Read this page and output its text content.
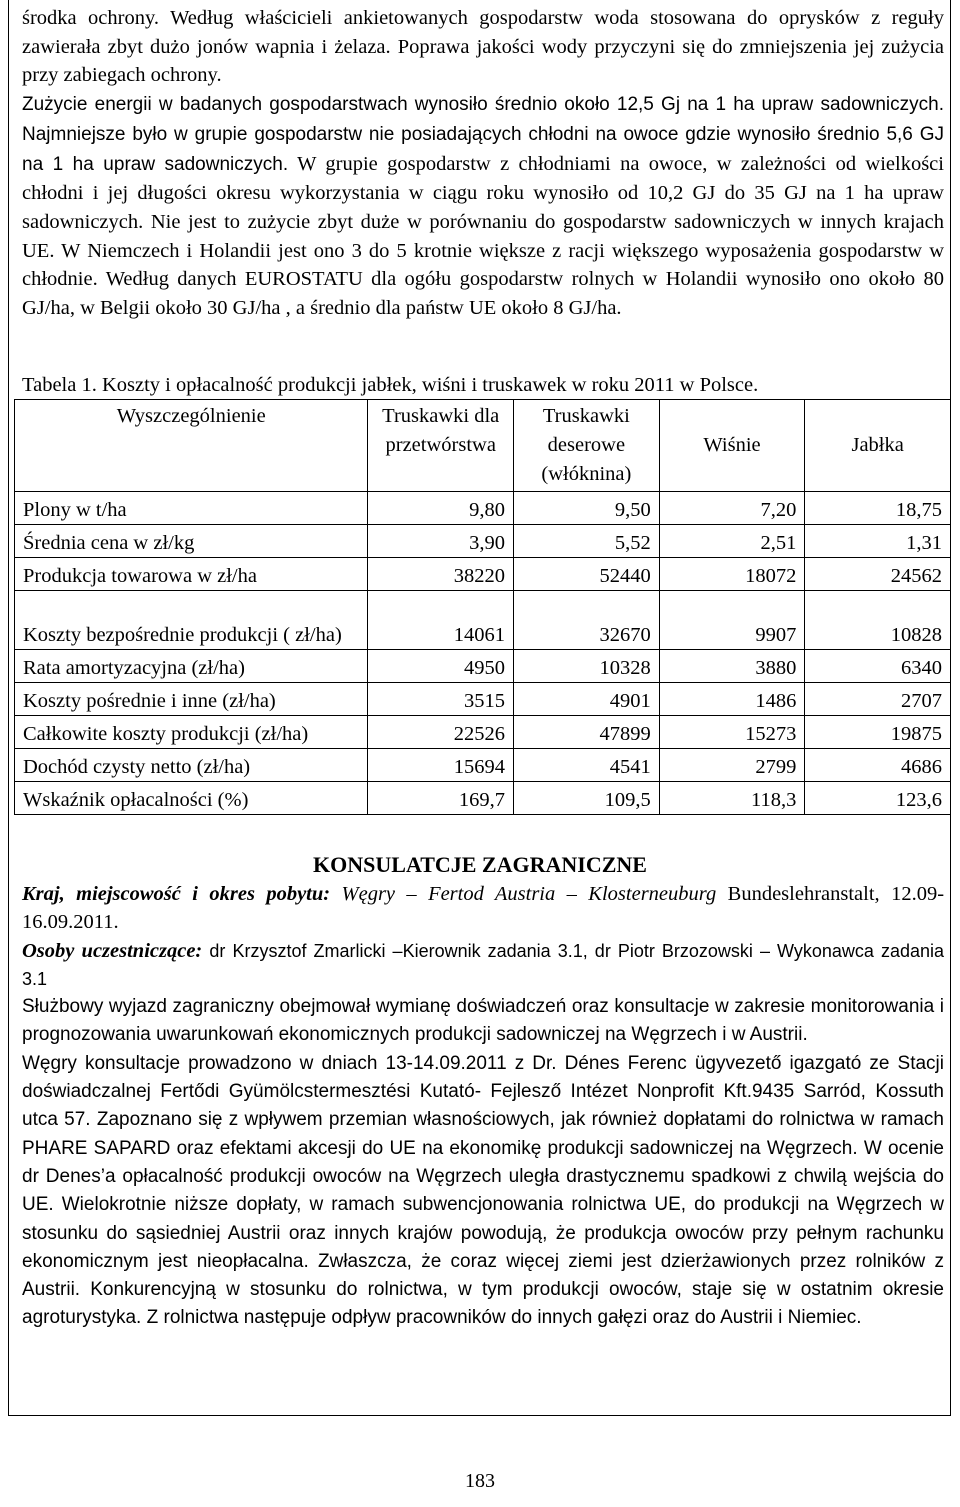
środka ochrony. Według właścicieli ankietowanych gospodarstw woda stosowana do oprysków z reguły zawierała zbyt dużo jonów wapnia i żelaza. Poprawa jakości wody przyczyni się do zmniejszenia jej zużycia przy zabiegach ochrony.

Zużycie energii w badanych gospodarstwach wynosiło średnio około 12,5 Gj na 1 ha upraw sadowniczych. Najmniejsze było w grupie gospodarstw nie posiadających chłodni na owoce gdzie wynosiło średnio 5,6 GJ na 1 ha upraw sadowniczych. W grupie gospodarstw z chłodniami na owoce, w zależności od wielkości chłodni i jej długości okresu wykorzystania w ciągu roku wynosiło od 10,2 GJ do 35 GJ na 1 ha upraw sadowniczych. Nie jest to zużycie zbyt duże w porównaniu do gospodarstw sadowniczych w innych krajach UE. W Niemczech i Holandii jest ono 3 do 5 krotnie większe z racji większego wyposażenia gospodarstw w chłodnie. Według danych EUROSTATU dla ogółu gospodarstw rolnych w Holandii wynosiło ono około 80 GJ/ha, w Belgii około 30 GJ/ha , a średnio dla państw UE około 8 GJ/ha.

Tabela 1. Koszty i opłacalność produkcji jabłek, wiśni i truskawek w roku 2011 w Polsce.
Wyszczególnienie	Truskawki dla przetwórstwa	Truskawki deserowe (włóknina)	Wiśnie	Jabłka
Plony w t/ha	9,80	9,50	7,20	18,75
Średnia cena w zł/kg	3,90	5,52	2,51	1,31
Produkcja towarowa w zł/ha	38220	52440	18072	24562
Koszty bezpośrednie produkcji ( zł/ha)	14061	32670	9907	10828
Rata amortyzacyjna (zł/ha)	4950	10328	3880	6340
Koszty pośrednie i inne (zł/ha)	3515	4901	1486	2707
Całkowite koszty produkcji (zł/ha)	22526	47899	15273	19875
Dochód czysty netto (zł/ha)	15694	4541	2799	4686
Wskaźnik opłacalności (%)	169,7	109,5	118,3	123,6
KONSULATCJE ZAGRANICZNE

Kraj, miejscowość i okres pobytu: Węgry – Fertod Austria – Klosterneuburg Bundeslehranstalt, 12.09-16.09.2011.

Osoby uczestniczące: dr Krzysztof Zmarlicki –Kierownik zadania 3.1, dr Piotr Brzozowski – Wykonawca zadania 3.1

Służbowy wyjazd zagraniczny obejmował wymianę doświadczeń oraz konsultacje w zakresie monitorowania i prognozowania uwarunkowań ekonomicznych produkcji sadowniczej na Węgrzech i w Austrii.

Węgry konsultacje prowadzono w dniach 13-14.09.2011 z Dr. Dénes Ferenc ügyvezető igazgató ze Stacji doświadczalnej Fertődi Gyümölcstermesztési Kutató- Fejlesző Intézet Nonprofit Kft.9435 Sarród, Kossuth utca 57. Zapoznano się z wpływem przemian własnościowych, jak również dopłatami do rolnictwa w ramach PHARE SAPARD oraz efektami akcesji do UE na ekonomikę produkcji sadowniczej na Węgrzech. W ocenie dr Denes’a opłacalność produkcji owoców na Węgrzech uległa drastycznemu spadkowi z chwilą wejścia do UE. Wielokrotnie niższe dopłaty, w ramach subwencjonowania rolnictwa UE, do produkcji na Węgrzech w stosunku do sąsiedniej Austrii oraz innych krajów powodują, że produkcja owoców przy pełnym rachunku ekonomicznym jest nieopłacalna. Zwłaszcza, że coraz więcej ziemi jest dzierżawionych przez rolników z Austrii. Konkurencyjną w stosunku do rolnictwa, w tym produkcji owoców, staje się w ostatnim okresie agroturystyka. Z rolnictwa następuje odpływ pracowników do innych gałęzi oraz do Austrii i Niemiec.

183
